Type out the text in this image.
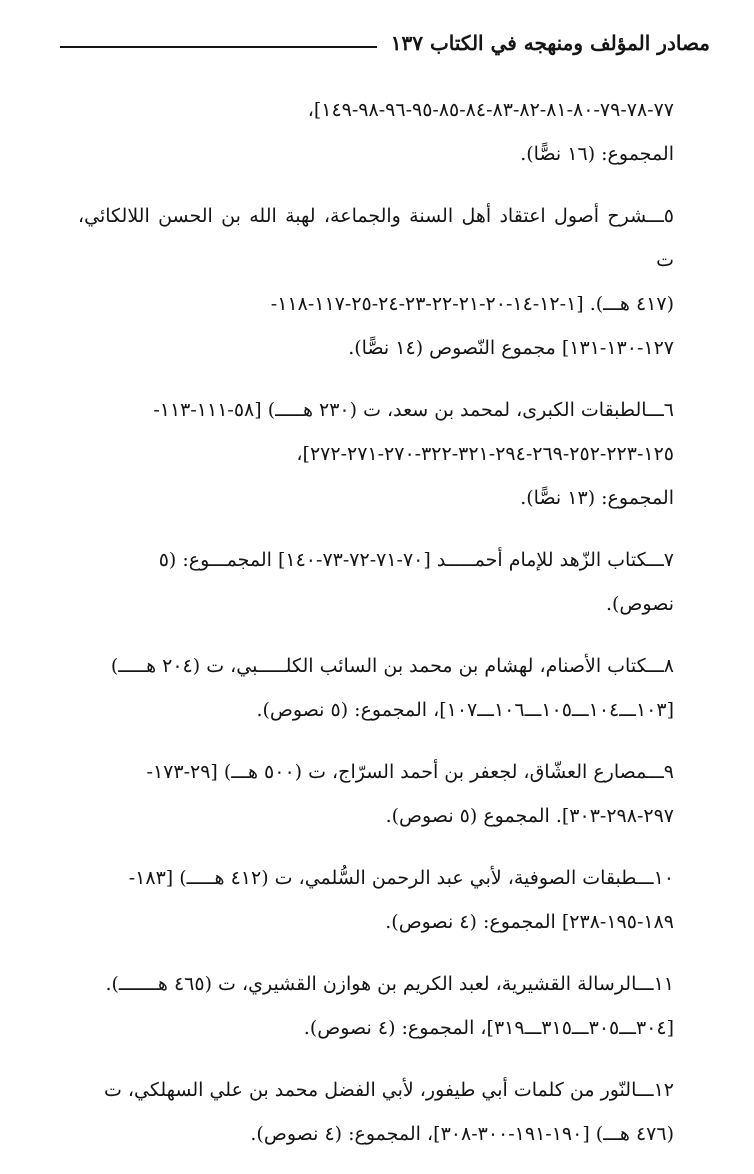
مصادر المؤلف ومنهجه في الكتاب ١٣٧

٧٧-٧٨-٧٩-٨٠-٨١-٨٢-٨٣-٨٤-٨٥-٩٥-٩٦-٩٨-١٤٩]،
المجموع: (١٦ نصًّا).

٥ـــشرح أصول اعتقاد أهل السنة والجماعة، لهبة الله بن الحسن اللالكائي، ت
(٤١٧ هـــ). [١-١٢-١٤-٢٠-٢١-٢٢-٢٣-٢٤-٢٥-١١٧-١١٨-
١٢٧-١٣٠-١٣١] مجموع النّصوص (١٤ نصًّا).

٦ـــالطبقات الكبرى، لمحمد بن سعد، ت (٢٣٠ هـــــ) [٥٨-١١١-١١٣-
١٢٥-٢٢٣-٢٥٢-٢٦٩-٢٩٤-٣٢١-٣٢٢-٢٧٠-٢٧١-٢٧٢]،
المجموع: (١٣ نصًّا).

٧ـــكتاب الزّهد للإمام أحمـــــد [٧٠-٧١-٧٢-٧٣-١٤٠] المجمـــوع: (٥
نصوص).

٨ـــكتاب الأصنام، لهشام بن محمد بن السائب الكلـــــبي، ت (٢٠٤ هـــــ)
[١٠٣ـــ١٠٤ـــ١٠٥ـــ١٠٦ـــ١٠٧]، المجموع: (٥ نصوص).

٩ـــمصارع العشّاق، لجعفر بن أحمد السرّاج، ت (٥٠٠ هـــ) [٢٩-١٧٣-
٢٩٧-٢٩٨-٣٠٣]. المجموع (٥ نصوص).

١٠ـــطبقات الصوفية، لأبي عبد الرحمن السُّلمي، ت (٤١٢ هـــــ) [١٨٣-
١٨٩-١٩٥-٢٣٨] المجموع: (٤ نصوص).

١١ـــالرسالة القشيرية، لعبد الكريم بن هوازن القشيري، ت (٤٦٥ هـــــــ).
[٣٠٤ـــ٣٠٥ـــ٣١٥ـــ٣١٩]، المجموع: (٤ نصوص).

١٢ـــالنّور من كلمات أبي طيفور، لأبي الفضل محمد بن علي السهلكي، ت
(٤٧٦ هـــ) [١٩٠-١٩١-٣٠٠-٣٠٨]، المجموع: (٤ نصوص).
